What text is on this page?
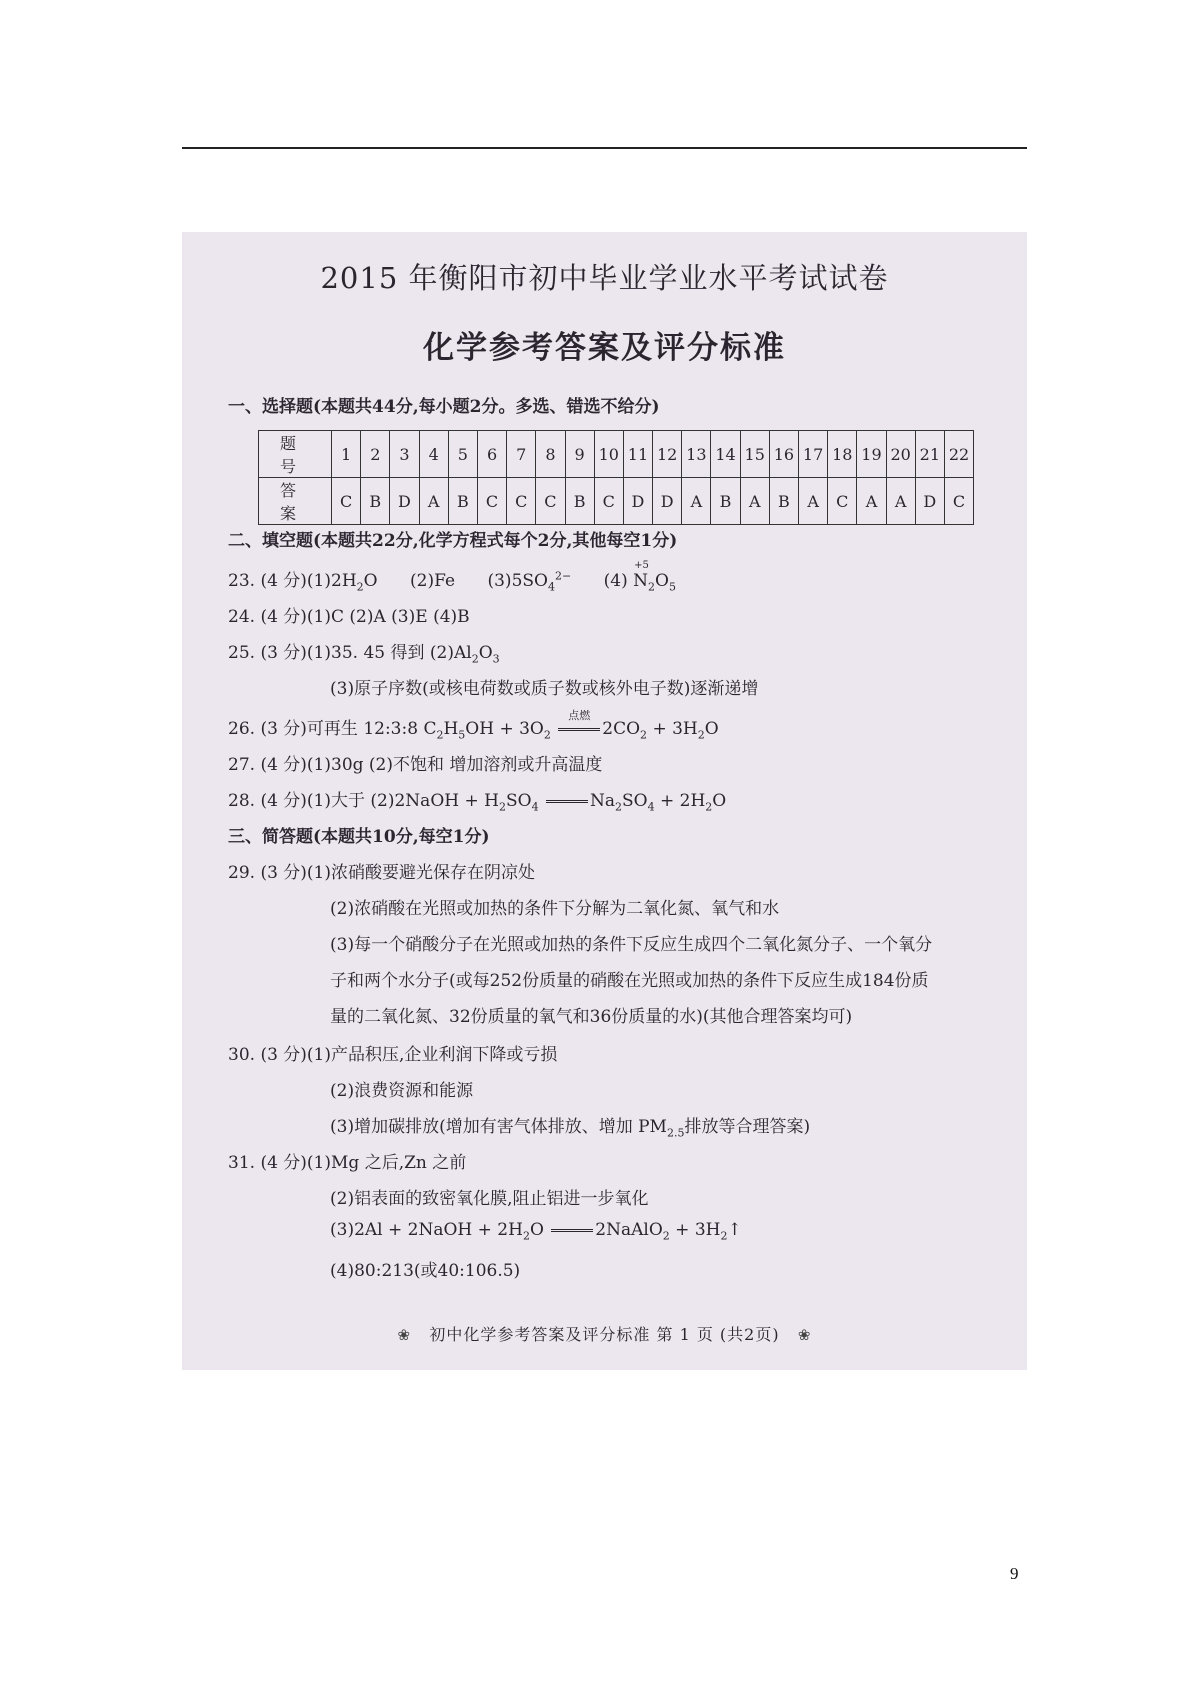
2015 年衡阳市初中毕业学业水平考试试卷
化学参考答案及评分标准
一、选择题(本题共44分,每小题2分。多选、错选不给分)
题 号	1	2	3	4	5	6	7	8	9	10	11	12	13	14	15	16	17	18	19	20	21	22
答 案	C	B	D	A	B	C	C	C	B	C	D	D	A	B	A	B	A	C	A	A	D	C
二、填空题(本题共22分,化学方程式每个2分,其他每空1分)
23. (4 分)$(1)2H_2O$ (2)Fe $(3)5SO_4^{2-}$ (4)
+5
$N_2O_5$
24. (4 分)(1)C (2)A (3)E (4)B
25. (3 分)(1)35. 45 得到 $(2)Al_2O_3$
(3)原子序数(或核电荷数或质子数或核外电子数)逐渐递增
26. (3 分)可再生 12:3:8 $C_2H_5OH + 3O_2$
点燃
$2CO_2 + 3H_2O$
27. (4 分)(1)30g (2)不饱和 增加溶剂或升高温度
28. (4 分)(1)大于 (2)2NaOH + $H_2SO_4$	$Na_2SO_4 + 2H_2O$
三、简答题(本题共10分,每空1分)
29. (3 分)(1)浓硝酸要避光保存在阴凉处
(2)浓硝酸在光照或加热的条件下分解为二氧化氮、氧气和水
(3)每一个硝酸分子在光照或加热的条件下反应生成四个二氧化氮分子、一个氧分
子和两个水分子(或每252份质量的硝酸在光照或加热的条件下反应生成184份质
量的二氧化氮、32份质量的氧气和36份质量的水)(其他合理答案均可)
30. (3 分)(1)产品积压,企业利润下降或亏损
(2)浪费资源和能源
(3)增加碳排放(增加有害气体排放、增加 $PM_{2.5}$排放等合理答案)
31. (4 分)(1)Mg 之后,Zn 之前
(2)铝表面的致密氧化膜,阻止铝进一步氧化
(3)2Al + 2NaOH + $2H_2O$	2NaAlO$_2$ + $3H_2↑$
(4)80:213(或40:106.5)
❀ 初中化学参考答案及评分标准 第 1 页 (共2页) ❀
9
